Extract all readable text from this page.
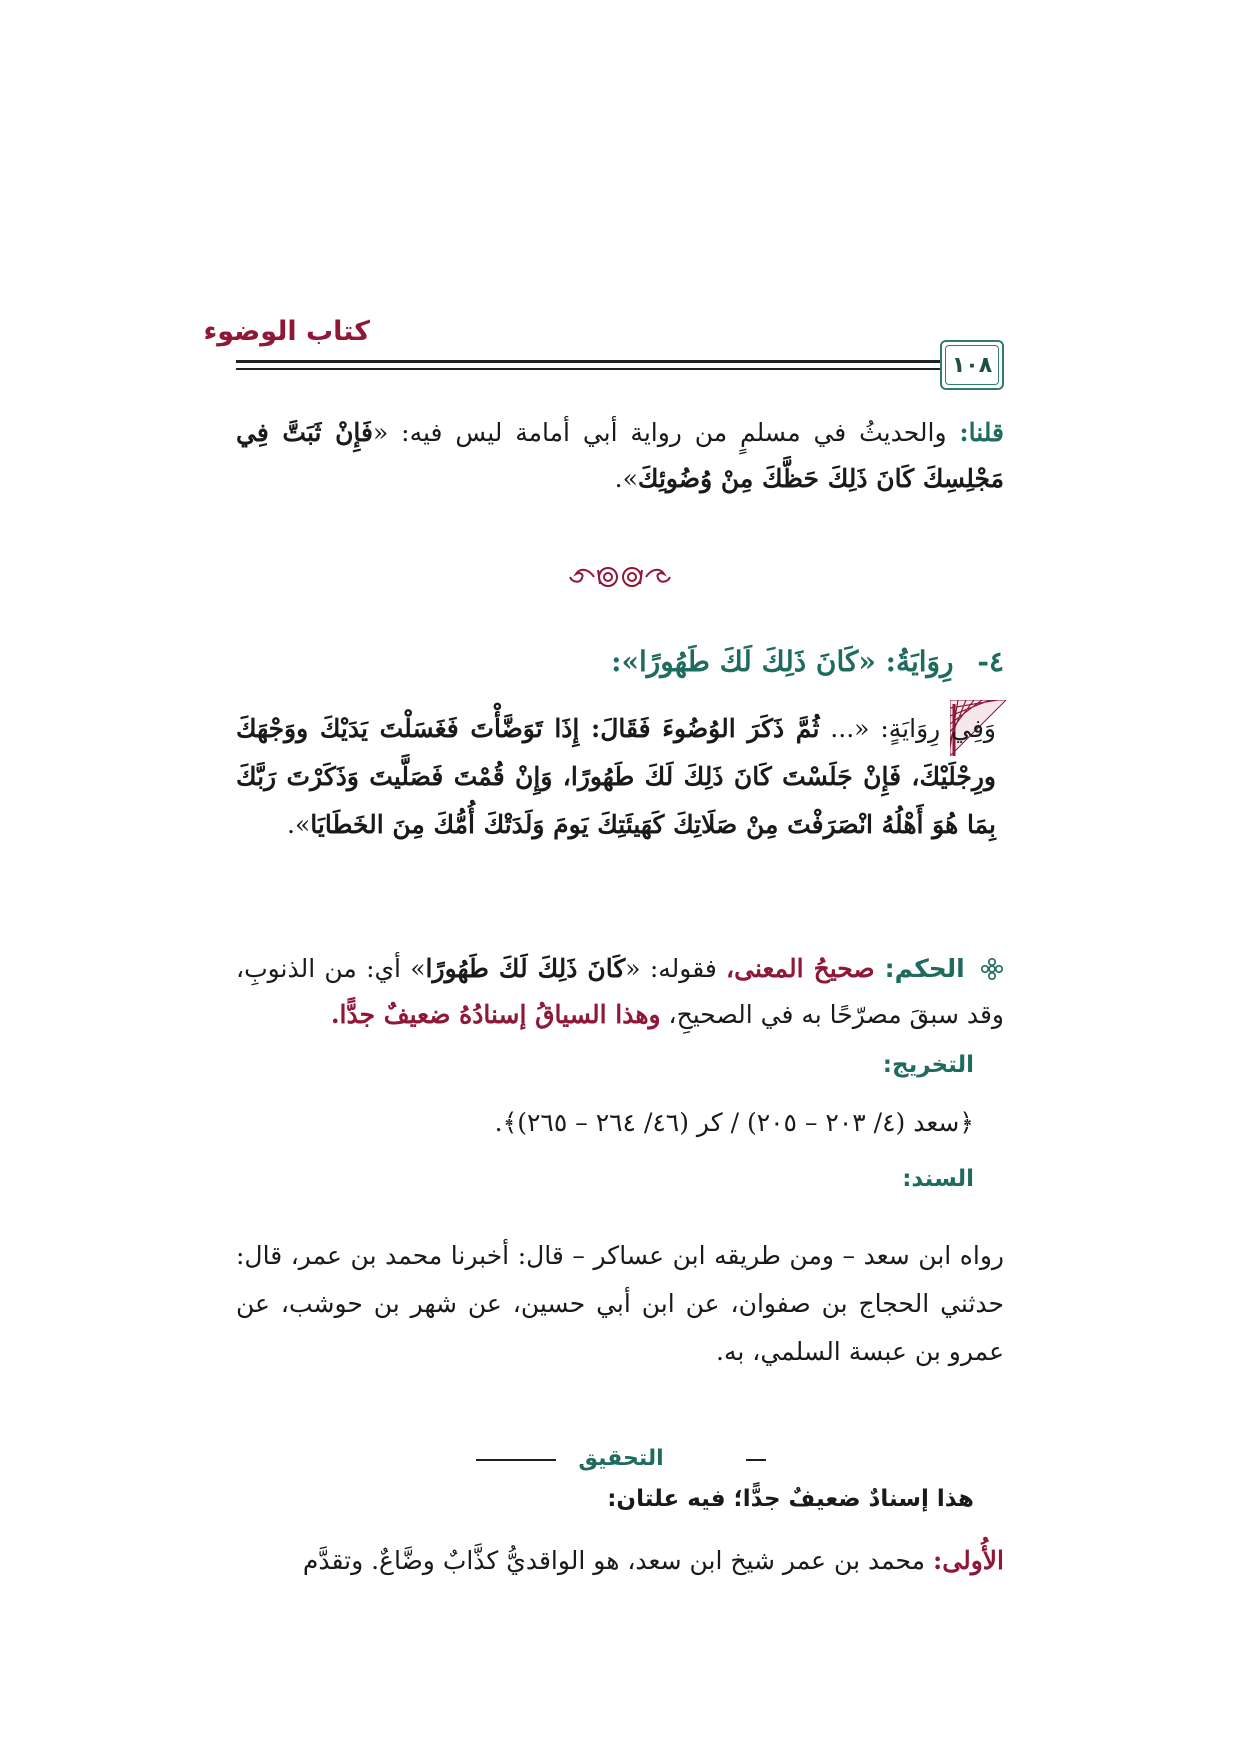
كتاب الوضوء
١٠٨

قلنا: والحديثُ في مسلمٍ من رواية أبي أمامة ليس فيه: «فَإِنْ ثَبَتَّ فِي مَجْلِسِكَ كَانَ ذَلِكَ حَظَّكَ مِنْ وُضُوئِكَ».

٤- رِوَايَةُ: «كَانَ ذَلِكَ لَكَ طَهُورًا»:

وَفِي رِوَايَةٍ: «... ثُمَّ ذَكَرَ الوُضُوءَ فَقَالَ: إِذَا تَوَضَّأْتَ فَغَسَلْتَ يَدَيْكَ ووَجْهَكَ ورِجْلَيْكَ، فَإِنْ جَلَسْتَ كَانَ ذَلِكَ لَكَ طَهُورًا، وَإِنْ قُمْتَ فَصَلَّيتَ وَذَكَرْتَ رَبَّكَ بِمَا هُوَ أَهْلُهُ انْصَرَفْتَ مِنْ صَلَاتِكَ كَهَيئَتِكَ يَومَ وَلَدَتْكَ أُمُّكَ مِنَ الخَطَايَا».

الحكم: صحيحُ المعنى، فقوله: «كَانَ ذَلِكَ لَكَ طَهُورًا» أي: من الذنوبِ، وقد سبقَ مصرّحًا به في الصحيحِ، وهذا السياقُ إسنادُهُ ضعيفٌ جدًّا.

التخريج:

﴿سعد (٤/ ٢٠٣ – ٢٠٥) / كر (٤٦/ ٢٦٤ – ٢٦٥)﴾.

السند:

رواه ابن سعد – ومن طريقه ابن عساكر – قال: أخبرنا محمد بن عمر، قال: حدثني الحجاج بن صفوان، عن ابن أبي حسين، عن شهر بن حوشب، عن عمرو بن عبسة السلمي، به.

التحقيق
هذا إسنادٌ ضعيفٌ جدًّا؛ فيه علتان:

الأُولى: محمد بن عمر شيخ ابن سعد، هو الواقديُّ كذَّابٌ وضَّاعٌ. وتقدَّم
